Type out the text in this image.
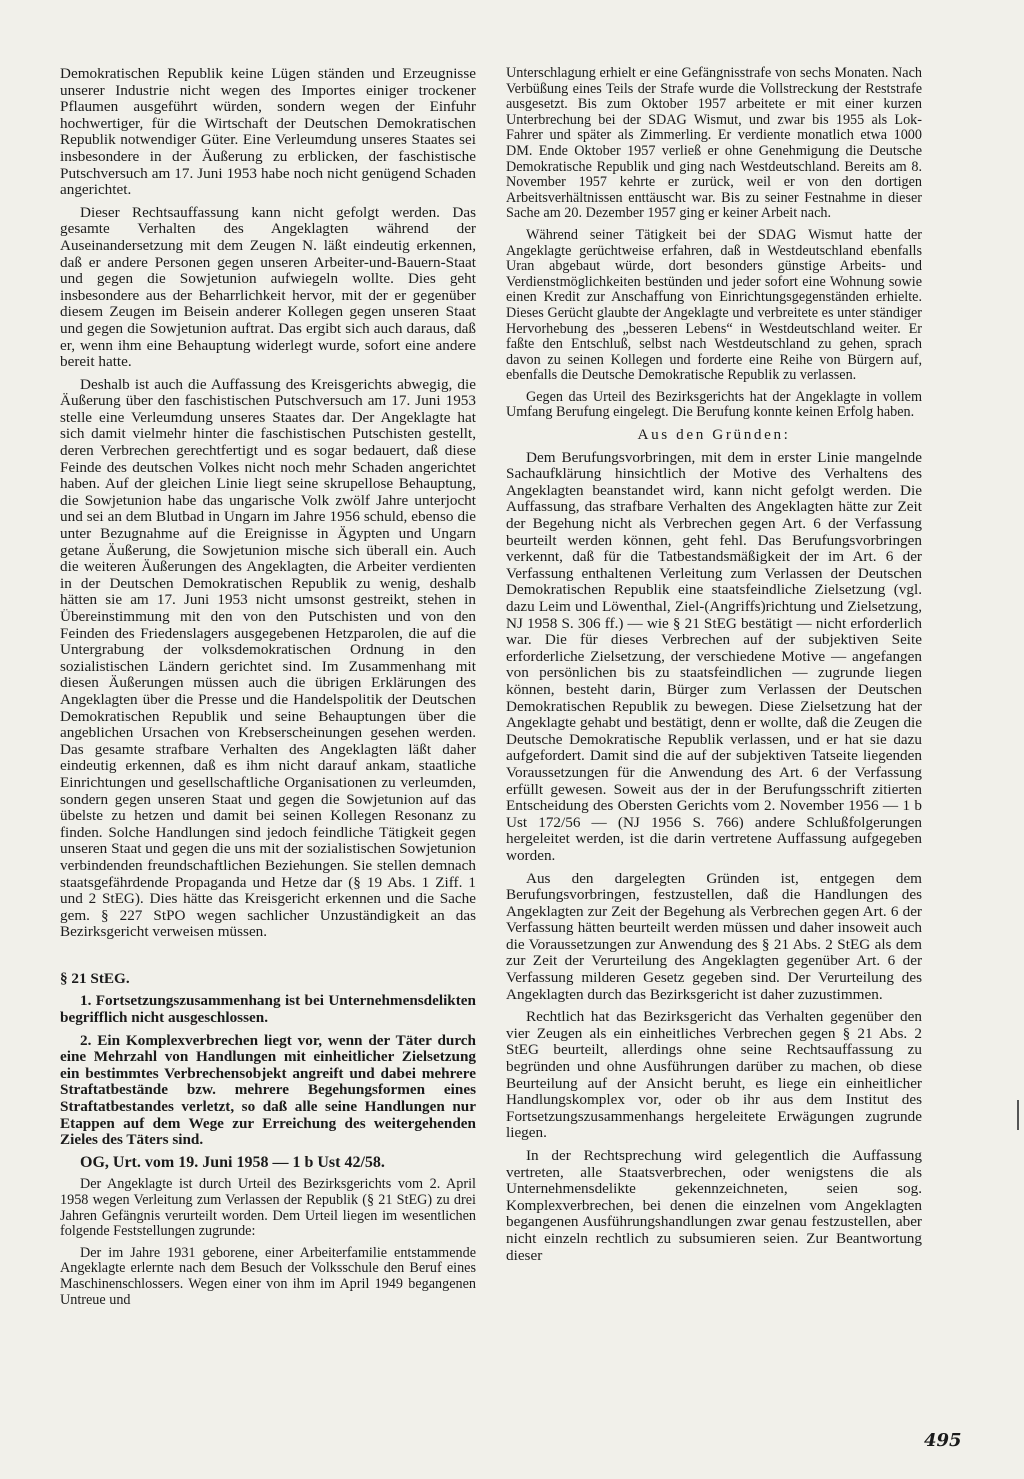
Demokratischen Republik keine Lügen ständen und Erzeugnisse unserer Industrie nicht wegen des Importes einiger trockener Pflaumen ausgeführt würden, sondern wegen der Einfuhr hochwertiger, für die Wirtschaft der Deutschen Demokratischen Republik notwendiger Güter. Eine Verleumdung unseres Staates sei insbesondere in der Äußerung zu erblicken, der faschistische Putschversuch am 17. Juni 1953 habe noch nicht genügend Schaden angerichtet.

Dieser Rechtsauffassung kann nicht gefolgt werden. Das gesamte Verhalten des Angeklagten während der Auseinandersetzung mit dem Zeugen N. läßt eindeutig erkennen, daß er andere Personen gegen unseren Arbeiter-und-Bauern-Staat und gegen die Sowjetunion aufwiegeln wollte. Dies geht insbesondere aus der Beharrlichkeit hervor, mit der er gegenüber diesem Zeugen im Beisein anderer Kollegen gegen unseren Staat und gegen die Sowjetunion auftrat. Das ergibt sich auch daraus, daß er, wenn ihm eine Behauptung widerlegt wurde, sofort eine andere bereit hatte.

Deshalb ist auch die Auffassung des Kreisgerichts abwegig, die Äußerung über den faschistischen Putschversuch am 17. Juni 1953 stelle eine Verleumdung unseres Staates dar. Der Angeklagte hat sich damit vielmehr hinter die faschistischen Putschisten gestellt, deren Verbrechen gerechtfertigt und es sogar bedauert, daß diese Feinde des deutschen Volkes nicht noch mehr Schaden angerichtet haben. Auf der gleichen Linie liegt seine skrupellose Behauptung, die Sowjetunion habe das ungarische Volk zwölf Jahre unterjocht und sei an dem Blutbad in Ungarn im Jahre 1956 schuld, ebenso die unter Bezugnahme auf die Ereignisse in Ägypten und Ungarn getane Äußerung, die Sowjetunion mische sich überall ein. Auch die weiteren Äußerungen des Angeklagten, die Arbeiter verdienten in der Deutschen Demokratischen Republik zu wenig, deshalb hätten sie am 17. Juni 1953 nicht umsonst gestreikt, stehen in Übereinstimmung mit den von den Putschisten und von den Feinden des Friedenslagers ausgegebenen Hetzparolen, die auf die Untergrabung der volksdemokratischen Ordnung in den sozialistischen Ländern gerichtet sind. Im Zusammenhang mit diesen Äußerungen müssen auch die übrigen Erklärungen des Angeklagten über die Presse und die Handelspolitik der Deutschen Demokratischen Republik und seine Behauptungen über die angeblichen Ursachen von Krebserscheinungen gesehen werden. Das gesamte strafbare Verhalten des Angeklagten läßt daher eindeutig erkennen, daß es ihm nicht darauf ankam, staatliche Einrichtungen und gesellschaftliche Organisationen zu verleumden, sondern gegen unseren Staat und gegen die Sowjetunion auf das übelste zu hetzen und damit bei seinen Kollegen Resonanz zu finden. Solche Handlungen sind jedoch feindliche Tätigkeit gegen unseren Staat und gegen die uns mit der sozialistischen Sowjetunion verbindenden freundschaftlichen Beziehungen. Sie stellen demnach staatsgefährdende Propaganda und Hetze dar (§ 19 Abs. 1 Ziff. 1 und 2 StEG). Dies hätte das Kreisgericht erkennen und die Sache gem. § 227 StPO wegen sachlicher Unzuständigkeit an das Bezirksgericht verweisen müssen.

§ 21 StEG.

1. Fortsetzungszusammenhang ist bei Unternehmensdelikten begrifflich nicht ausgeschlossen.

2. Ein Komplexverbrechen liegt vor, wenn der Täter durch eine Mehrzahl von Handlungen mit einheitlicher Zielsetzung ein bestimmtes Verbrechensobjekt angreift und dabei mehrere Straftatbestände bzw. mehrere Begehungsformen eines Straftatbestandes verletzt, so daß alle seine Handlungen nur Etappen auf dem Wege zur Erreichung des weitergehenden Zieles des Täters sind.

OG, Urt. vom 19. Juni 1958 — 1 b Ust 42/58.

Der Angeklagte ist durch Urteil des Bezirksgerichts vom 2. April 1958 wegen Verleitung zum Verlassen der Republik (§ 21 StEG) zu drei Jahren Gefängnis verurteilt worden. Dem Urteil liegen im wesentlichen folgende Feststellungen zugrunde:

Der im Jahre 1931 geborene, einer Arbeiterfamilie entstammende Angeklagte erlernte nach dem Besuch der Volksschule den Beruf eines Maschinenschlossers. Wegen einer von ihm im April 1949 begangenen Untreue und

Unterschlagung erhielt er eine Gefängnisstrafe von sechs Monaten. Nach Verbüßung eines Teils der Strafe wurde die Vollstreckung der Reststrafe ausgesetzt. Bis zum Oktober 1957 arbeitete er mit einer kurzen Unterbrechung bei der SDAG Wismut, und zwar bis 1955 als Lok-Fahrer und später als Zimmerling. Er verdiente monatlich etwa 1000 DM. Ende Oktober 1957 verließ er ohne Genehmigung die Deutsche Demokratische Republik und ging nach Westdeutschland. Bereits am 8. November 1957 kehrte er zurück, weil er von den dortigen Arbeitsverhältnissen enttäuscht war. Bis zu seiner Festnahme in dieser Sache am 20. Dezember 1957 ging er keiner Arbeit nach.

Während seiner Tätigkeit bei der SDAG Wismut hatte der Angeklagte gerüchtweise erfahren, daß in Westdeutschland ebenfalls Uran abgebaut würde, dort besonders günstige Arbeits- und Verdienstmöglichkeiten bestünden und jeder sofort eine Wohnung sowie einen Kredit zur Anschaffung von Einrichtungsgegenständen erhielte. Dieses Gerücht glaubte der Angeklagte und verbreitete es unter ständiger Hervorhebung des „besseren Lebens“ in Westdeutschland weiter. Er faßte den Entschluß, selbst nach Westdeutschland zu gehen, sprach davon zu seinen Kollegen und forderte eine Reihe von Bürgern auf, ebenfalls die Deutsche Demokratische Republik zu verlassen.

Gegen das Urteil des Bezirksgerichts hat der Angeklagte in vollem Umfang Berufung eingelegt. Die Berufung konnte keinen Erfolg haben.

Aus den Gründen:

Dem Berufungsvorbringen, mit dem in erster Linie mangelnde Sachaufklärung hinsichtlich der Motive des Verhaltens des Angeklagten beanstandet wird, kann nicht gefolgt werden. Die Auffassung, das strafbare Verhalten des Angeklagten hätte zur Zeit der Begehung nicht als Verbrechen gegen Art. 6 der Verfassung beurteilt werden können, geht fehl. Das Berufungsvorbringen verkennt, daß für die Tatbestandsmäßigkeit der im Art. 6 der Verfassung enthaltenen Verleitung zum Verlassen der Deutschen Demokratischen Republik eine staatsfeindliche Zielsetzung (vgl. dazu Leim und Löwenthal, Ziel-(Angriffs)richtung und Zielsetzung, NJ 1958 S. 306 ff.) — wie § 21 StEG bestätigt — nicht erforderlich war. Die für dieses Verbrechen auf der subjektiven Seite erforderliche Zielsetzung, der verschiedene Motive — angefangen von persönlichen bis zu staatsfeindlichen — zugrunde liegen können, besteht darin, Bürger zum Verlassen der Deutschen Demokratischen Republik zu bewegen. Diese Zielsetzung hat der Angeklagte gehabt und bestätigt, denn er wollte, daß die Zeugen die Deutsche Demokratische Republik verlassen, und er hat sie dazu aufgefordert. Damit sind die auf der subjektiven Tatseite liegenden Voraussetzungen für die Anwendung des Art. 6 der Verfassung erfüllt gewesen. Soweit aus der in der Berufungsschrift zitierten Entscheidung des Obersten Gerichts vom 2. November 1956 — 1 b Ust 172/56 — (NJ 1956 S. 766) andere Schlußfolgerungen hergeleitet werden, ist die darin vertretene Auffassung aufgegeben worden.

Aus den dargelegten Gründen ist, entgegen dem Berufungsvorbringen, festzustellen, daß die Handlungen des Angeklagten zur Zeit der Begehung als Verbrechen gegen Art. 6 der Verfassung hätten beurteilt werden müssen und daher insoweit auch die Voraussetzungen zur Anwendung des § 21 Abs. 2 StEG als dem zur Zeit der Verurteilung des Angeklagten gegenüber Art. 6 der Verfassung milderen Gesetz gegeben sind. Der Verurteilung des Angeklagten durch das Bezirksgericht ist daher zuzustimmen.

Rechtlich hat das Bezirksgericht das Verhalten gegenüber den vier Zeugen als ein einheitliches Verbrechen gegen § 21 Abs. 2 StEG beurteilt, allerdings ohne seine Rechtsauffassung zu begründen und ohne Ausführungen darüber zu machen, ob diese Beurteilung auf der Ansicht beruht, es liege ein einheitlicher Handlungskomplex vor, oder ob ihr aus dem Institut des Fortsetzungszusammenhangs hergeleitete Erwägungen zugrunde liegen.

In der Rechtsprechung wird gelegentlich die Auffassung vertreten, alle Staatsverbrechen, oder wenigstens die als Unternehmensdelikte gekennzeichneten, seien sog. Komplexverbrechen, bei denen die einzelnen vom Angeklagten begangenen Ausführungshandlungen zwar genau festzustellen, aber nicht einzeln rechtlich zu subsumieren seien. Zur Beantwortung dieser

495
